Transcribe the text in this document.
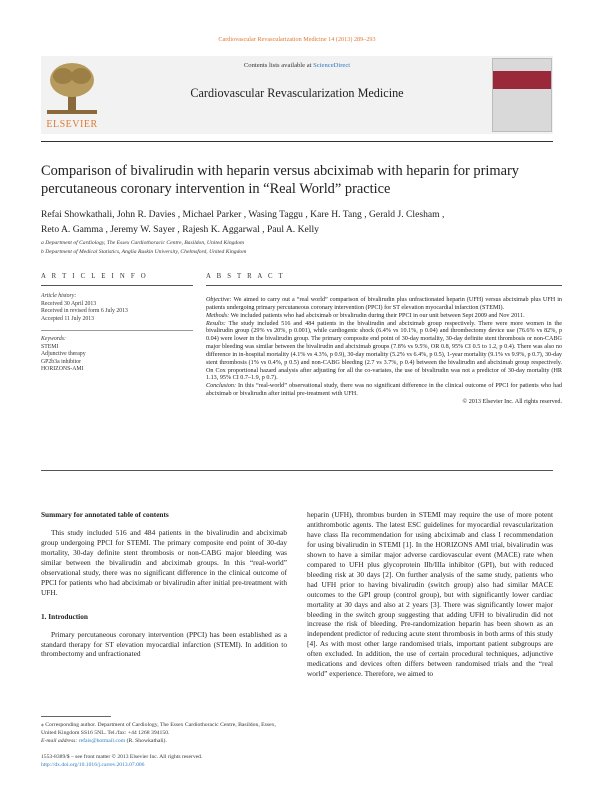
Cardiovascular Revascularization Medicine 14 (2013) 289–293
ELSEVIER
Contents lists available at ScienceDirect
Cardiovascular Revascularization Medicine
Comparison of bivalirudin with heparin versus abciximab with heparin for primary percutaneous coronary intervention in “Real World” practice
Refai Showkathali, John R. Davies , Michael Parker , Wasing Taggu , Kare H. Tang , Gerald J. Clesham ,
Reto A. Gamma , Jeremy W. Sayer , Rajesh K. Aggarwal , Paul A. Kelly
a Department of Cardiology, The Essex Cardiothoracic Centre, Basildon, United Kingdom
b Department of Medical Statistics, Anglia Ruskin University, Chelmsford, United Kingdom
A R T I C L E I N F O
Article history:
Received 30 April 2013
Received in revised form 6 July 2013
Accepted 11 July 2013
Keywords:
STEMI
Adjunctive therapy
GP2b3a inhibitor
HORIZONS-AMI
A B S T R A C T

Objective: We aimed to carry out a “real world” comparison of bivalirudin plus unfractionated heparin (UFH) versus abciximab plus UFH in patients undergoing primary percutaneous coronary intervention (PPCI) for ST elevation myocardial infarction (STEMI).

Methods: We included patients who had abciximab or bivalirudin during their PPCI in our unit between Sept 2009 and Nov 2011.

Results: The study included 516 and 484 patients in the bivalirudin and abciximab group respectively. There were more women in the bivalirudin group (29% vs 20%, p 0.001), while cardiogenic shock (6.4% vs 10.1%, p 0.04) and thrombectomy device use (76.6% vs 82%, p 0.04) were lower in the bivalirudin group. The primary composite end point of 30-day mortality, 30-day definite stent thrombosis or non-CABG major bleeding was similar between the bivalirudin and abciximab groups (7.8% vs 9.5%, OR 0.8, 95% CI 0.5 to 1.2, p 0.4). There was also no difference in in-hospital mortality (4.1% vs 4.3%, p 0.9), 30-day mortality (5.2% vs 6.4%, p 0.5), 1-year mortality (9.1% vs 9.9%, p 0.7), 30-day stent thrombosis (1% vs 0.4%, p 0.5) and non-CABG bleeding (2.7 vs 3.7%, p 0.4) between the bivalirudin and abciximab group respectively. On Cox proportional hazard analysis after adjusting for all the co-variates, the use of bivalirudin was not a predictor of 30-day mortality (HR 1.13, 95% CI 0.7–1.9, p 0.7).

Conclusion: In this “real-world” observational study, there was no significant difference in the clinical outcome of PPCI for patients who had abciximab or bivalirudin after initial pre-treatment with UFH.

© 2013 Elsevier Inc. All rights reserved.

Summary for annotated table of contents

This study included 516 and 484 patients in the bivalirudin and abciximab group undergoing PPCI for STEMI. The primary composite end point of 30-day mortality, 30-day definite stent thrombosis or non-CABG major bleeding was similar between the bivalirudin and abciximab groups. In this “real-world” observational study, there was no significant difference in the clinical outcome of PPCI for patients who had abciximab or bivalirudin after initial pre-treatment with UFH.

1. Introduction

Primary percutaneous coronary intervention (PPCI) has been established as a standard therapy for ST elevation myocardial infarction (STEMI). In addition to thrombectomy and unfractionated

⁎ Corresponding author. Department of Cardiology, The Essex Cardiothoracic Centre, Basildon, Essex, United Kingdom SS16 5NL. Tel./fax: +44 1268 394150.
E-mail address: refais@hotmail.com (R. Showkathali).
1553-8389/$ – see front matter © 2013 Elsevier Inc. All rights reserved.
http://dx.doi.org/10.1016/j.carrev.2013.07.006

heparin (UFH), thrombus burden in STEMI may require the use of more potent antithrombotic agents. The latest ESC guidelines for myocardial revascularization have class IIa recommendation for using abciximab and class I recommendation for using bivalirudin in STEMI [1]. In the HORIZONS AMI trial, bivalirudin was shown to have a similar major adverse cardiovascular event (MACE) rate when compared to UFH plus glycoprotein IIb/IIIa inhibitor (GPI), but with reduced bleeding risk at 30 days [2]. On further analysis of the same study, patients who had UFH prior to having bivalirudin (switch group) also had similar MACE outcomes to the GPI group (control group), but with significantly lower cardiac mortality at 30 days and also at 2 years [3]. There was significantly lower major bleeding in the switch group suggesting that adding UFH to bivalirudin did not increase the risk of bleeding. Pre-randomization heparin has been shown as an independent predictor of reducing acute stent thrombosis in both arms of this study [4]. As with most other large randomised trials, important patient subgroups are often excluded. In addition, the use of certain procedural techniques, adjunctive medications and devices often differs between randomised trials and the “real world” experience. Therefore, we aimed to
